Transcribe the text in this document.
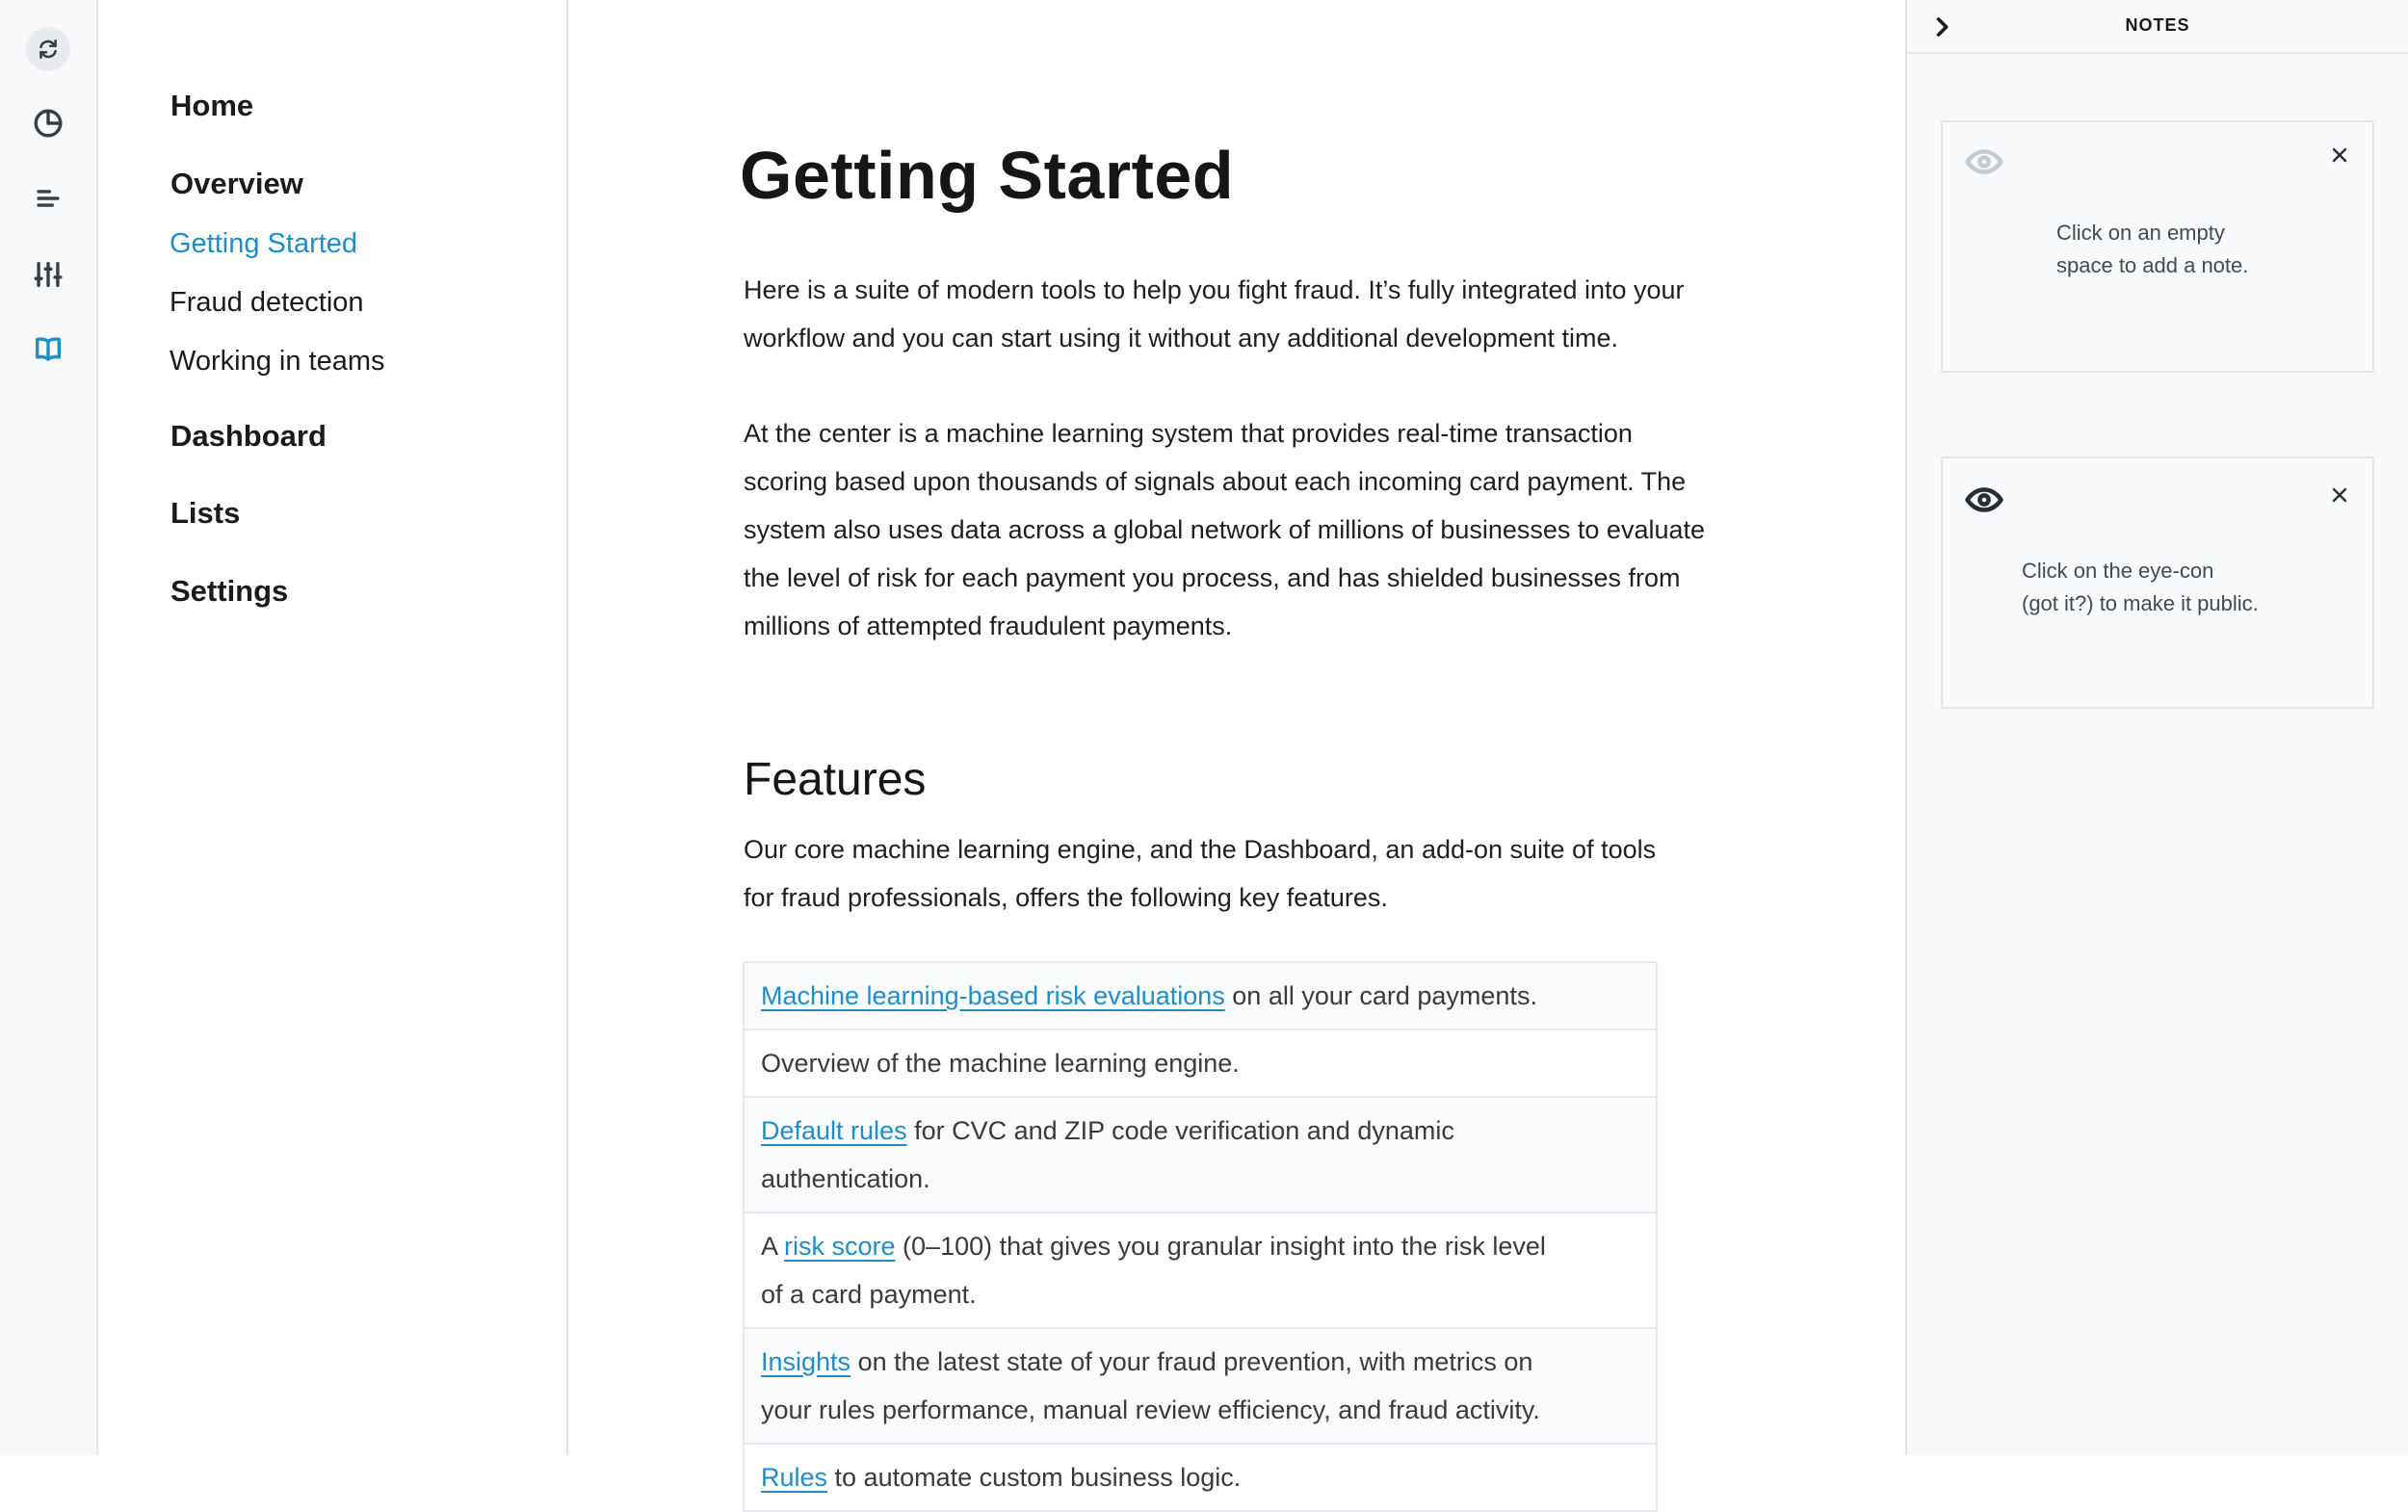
Home
Overview
Getting Started
Fraud detection
Working in teams
Dashboard
Lists
Settings
Getting Started
Here is a suite of modern tools to help you fight fraud. It’s fully integrated into your
workflow and you can start using it without any additional development time.
At the center is a machine learning system that provides real-time transaction
scoring based upon thousands of signals about each incoming card payment. The
system also uses data across a global network of millions of businesses to evaluate
the level of risk for each payment you process, and has shielded businesses from
millions of attempted fraudulent payments.
Features
Our core machine learning engine, and the Dashboard, an add-on suite of tools
for fraud professionals, offers the following key features.
Machine learning-based risk evaluations on all your card payments.
Overview of the machine learning engine.
Default rules for CVC and ZIP code verification and dynamic
authentication.
A risk score (0–100) that gives you granular insight into the risk level
of a card payment.
Insights on the latest state of your fraud prevention, with metrics on
your rules performance, manual review efficiency, and fraud activity.
Rules to automate custom business logic.
NOTES
Click on an empty
space to add a note.
Click on the eye-con
(got it?) to make it public.
